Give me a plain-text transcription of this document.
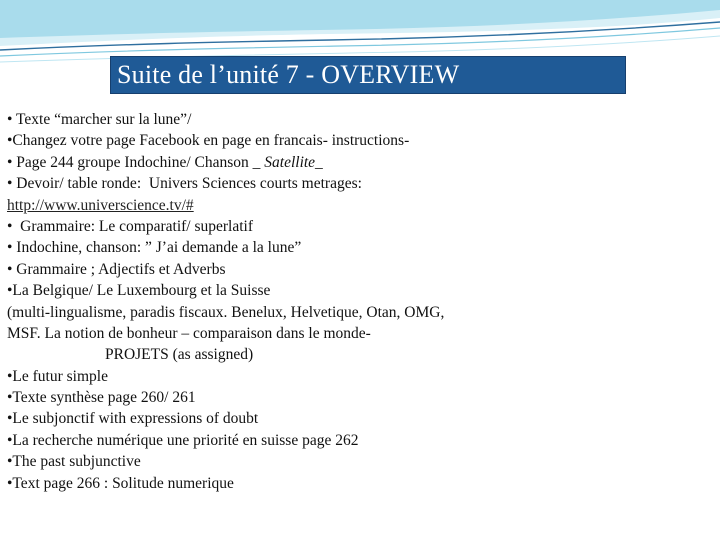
Suite de l’unité 7 - OVERVIEW
• Texte “marcher sur la lune”/
•Changez votre page Facebook en page en francais- instructions-
• Page 244 groupe Indochine/ Chanson _ Satellite_
• Devoir/ table ronde:  Univers Sciences courts metrages:
http://www.universcience.tv/#
•  Grammaire: Le comparatif/ superlatif
• Indochine, chanson: ” J’ai demande a la lune”
• Grammaire ; Adjectifs et Adverbs
•La Belgique/ Le Luxembourg et la Suisse
(multi-lingualisme, paradis fiscaux. Benelux, Helvetique, Otan, OMG,
MSF. La notion de bonheur – comparaison dans le monde-
PROJETS (as assigned)
•Le futur simple
•Texte synthèse page 260/ 261
•Le subjonctif with expressions of doubt
•La recherche numérique une priorité en suisse page 262
•The past subjunctive
•Text page 266 : Solitude numerique
